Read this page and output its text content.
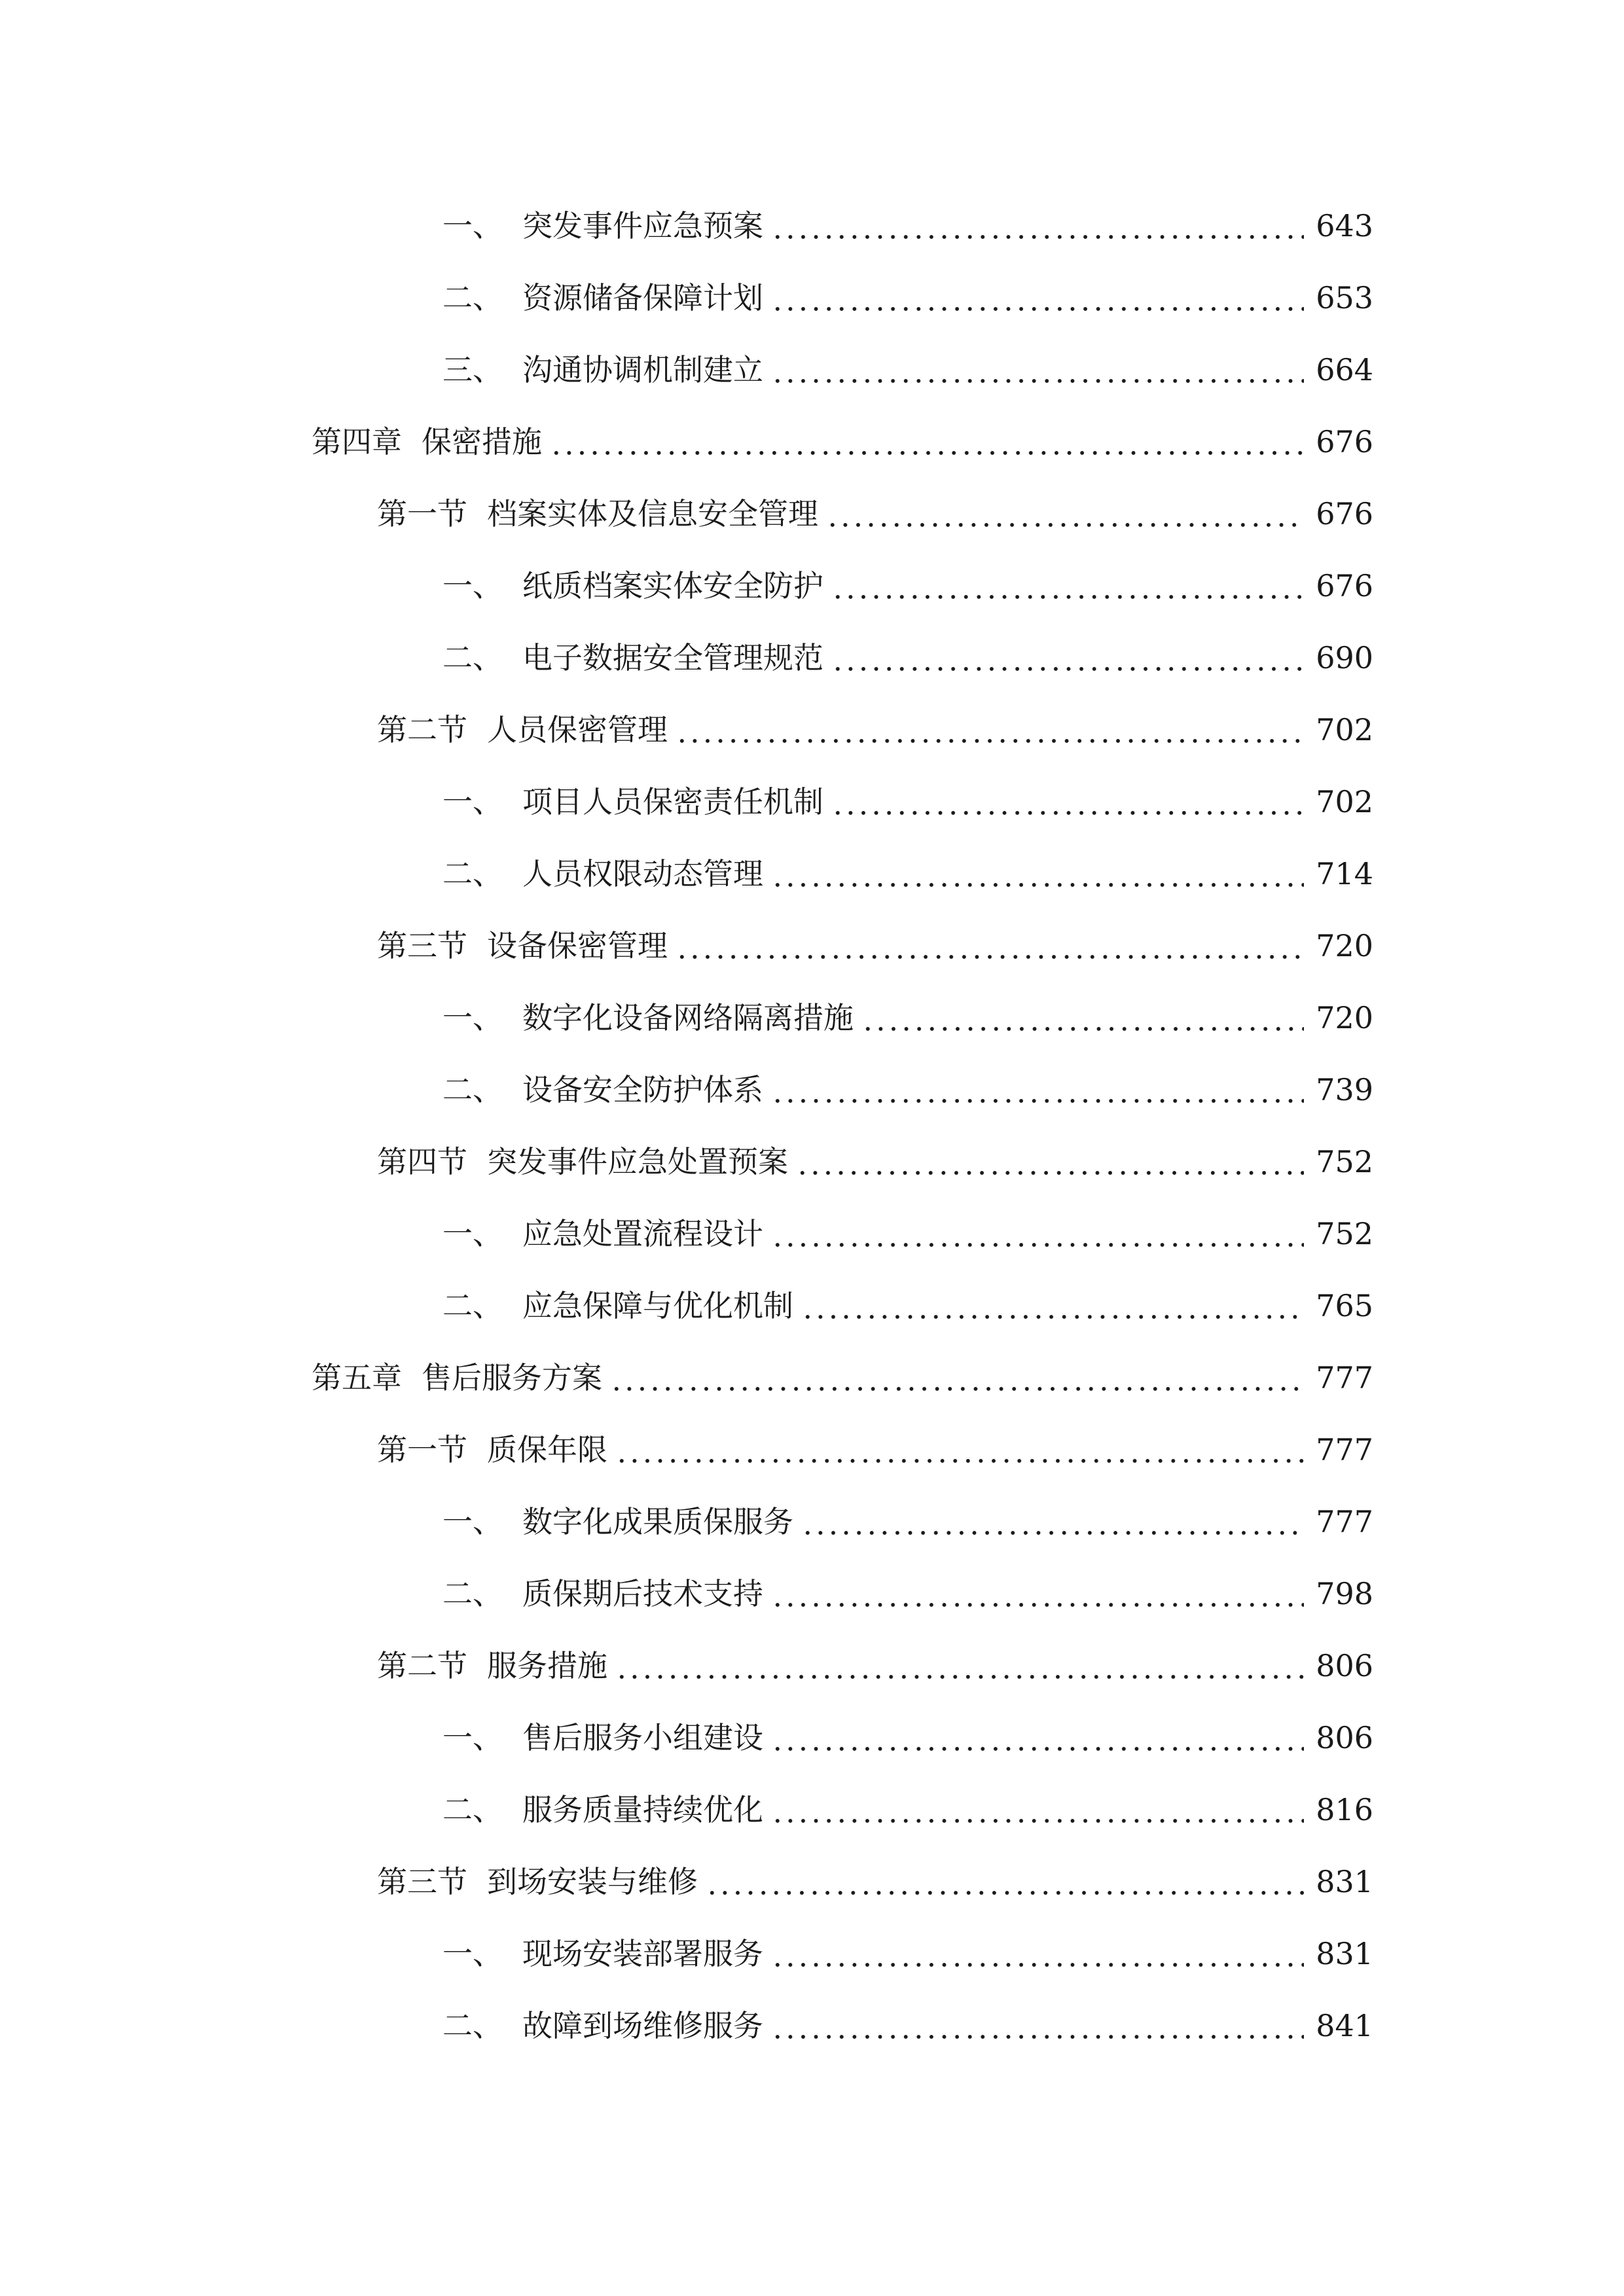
一、 突发事件应急预案	643
二、 资源储备保障计划	653
三、 沟通协调机制建立	664
第四章 保密措施	676
第一节 档案实体及信息安全管理	676
一、 纸质档案实体安全防护	676
二、 电子数据安全管理规范	690
第二节 人员保密管理	702
一、 项目人员保密责任机制	702
二、 人员权限动态管理	714
第三节 设备保密管理	720
一、 数字化设备网络隔离措施	720
二、 设备安全防护体系	739
第四节 突发事件应急处置预案	752
一、 应急处置流程设计	752
二、 应急保障与优化机制	765
第五章 售后服务方案	777
第一节 质保年限	777
一、 数字化成果质保服务	777
二、 质保期后技术支持	798
第二节 服务措施	806
一、 售后服务小组建设	806
二、 服务质量持续优化	816
第三节 到场安装与维修	831
一、 现场安装部署服务	831
二、 故障到场维修服务	841
